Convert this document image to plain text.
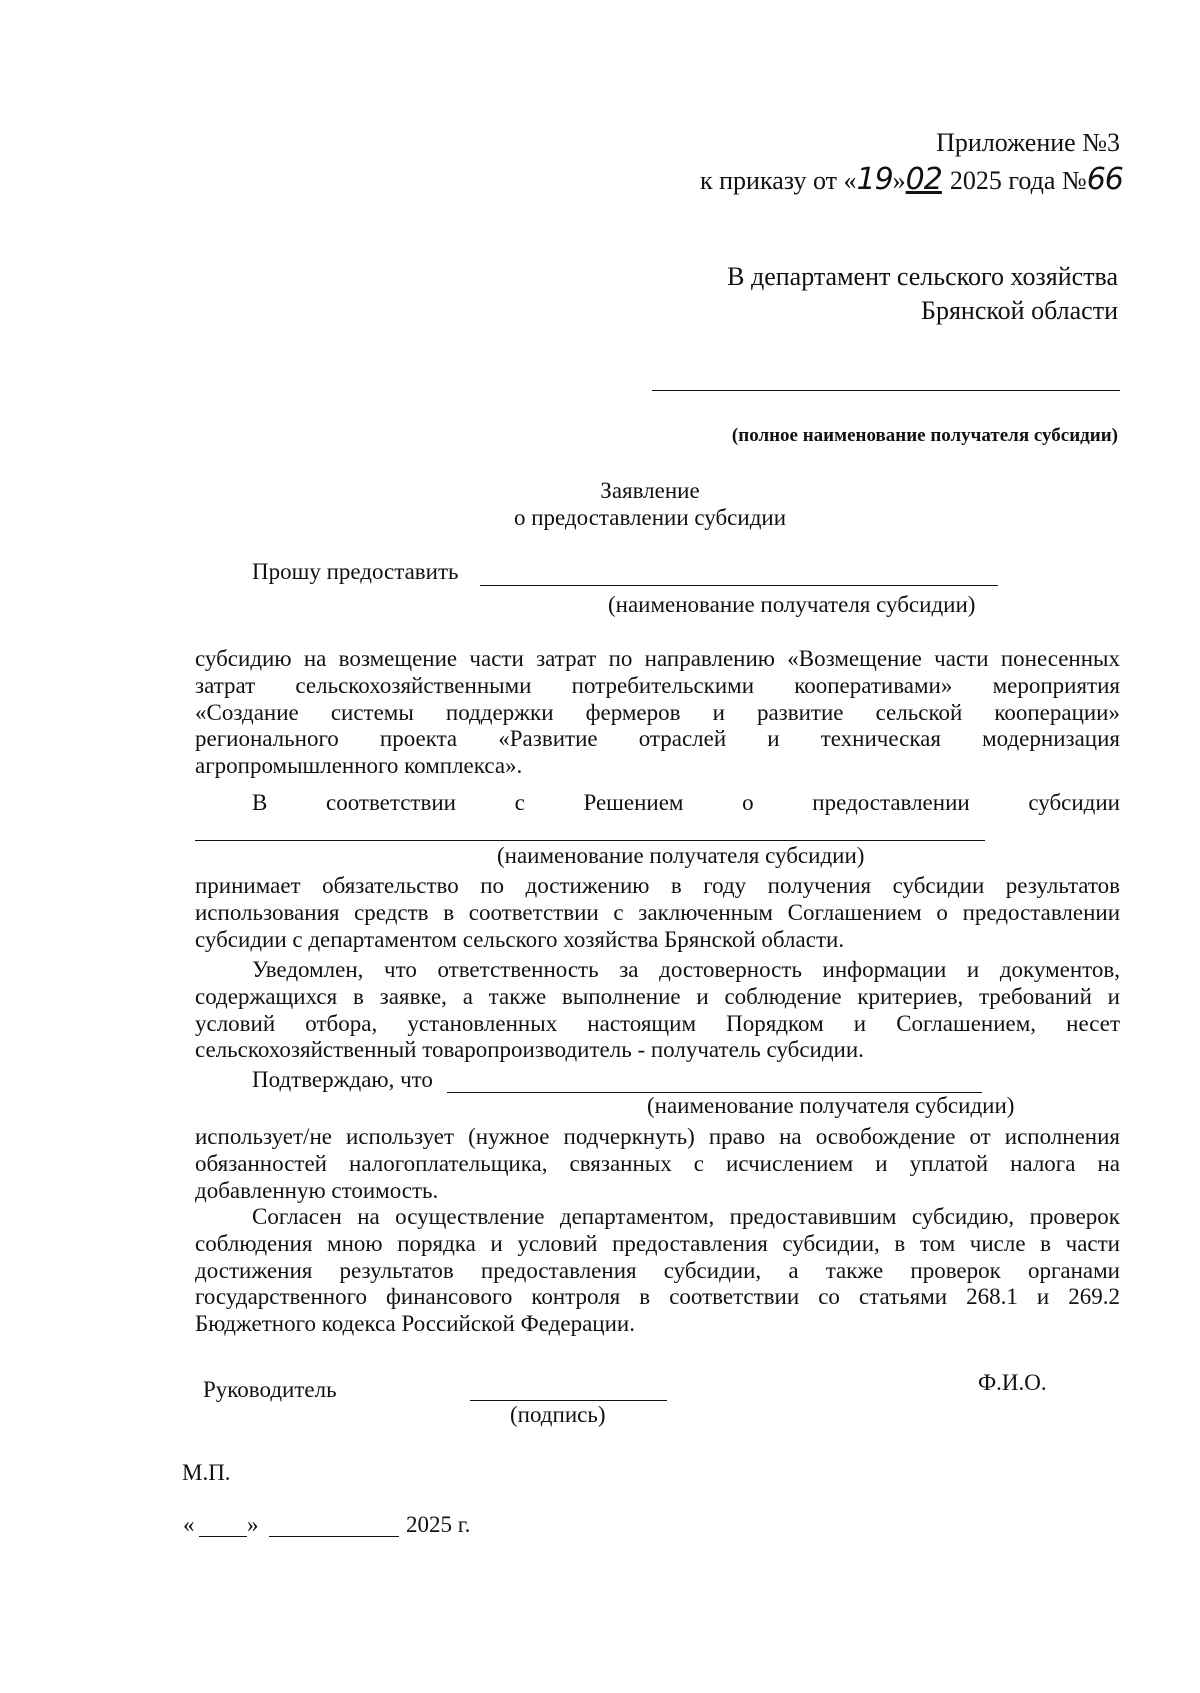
Приложение №3
к приказу от «19»02 2025 года №66
В департамент сельского хозяйства
Брянской области
(полное наименование получателя субсидии)
Заявление
о предоставлении субсидии
Прошу предоставить
(наименование получателя субсидии)
субсидию на возмещение части затрат по направлению «Возмещение части понесенных
затрат сельскохозяйственными потребительскими кооперативами» мероприятия
«Создание системы поддержки фермеров и развитие сельской кооперации»
регионального проекта «Развитие отраслей и техническая модернизация
агропромышленного комплекса».
В соответствии с Решением о предоставлении субсидии
(наименование получателя субсидии)
принимает обязательство по достижению в году получения субсидии результатов
использования средств в соответствии с заключенным Соглашением о предоставлении
субсидии с департаментом сельского хозяйства Брянской области.
Уведомлен, что ответственность за достоверность информации и документов,
содержащихся в заявке, а также выполнение и соблюдение критериев, требований и
условий отбора, установленных настоящим Порядком и Соглашением, несет
сельскохозяйственный товаропроизводитель - получатель субсидии.
Подтверждаю, что
(наименование получателя субсидии)
использует/не использует (нужное подчеркнуть) право на освобождение от исполнения
обязанностей налогоплательщика, связанных с исчислением и уплатой налога на
добавленную стоимость.
Согласен на осуществление департаментом, предоставившим субсидию, проверок
соблюдения мною порядка и условий предоставления субсидии, в том числе в части
достижения результатов предоставления субсидии, а также проверок органами
государственного финансового контроля в соответствии со статьями 268.1 и 269.2
Бюджетного кодекса Российской Федерации.
Руководитель
(подпись)
Ф.И.О.
М.П.
« »	2025 г.
